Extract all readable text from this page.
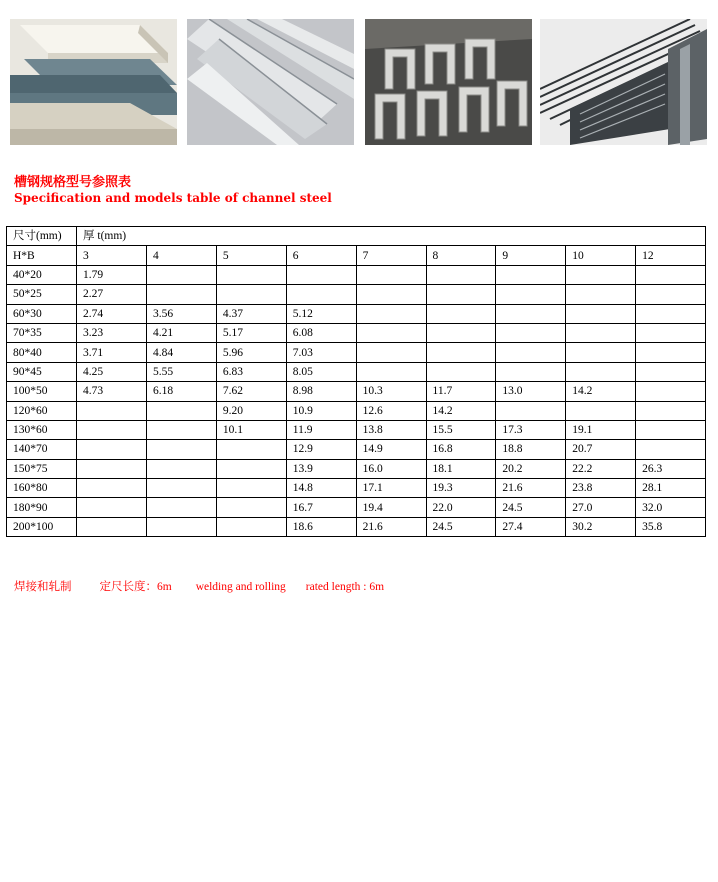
槽钢规格型号参照表
Specification and models table of channel steel
尺寸(mm)	厚 t(mm)								
H*B	3	4	5	6	7	8	9	10	12
40*20	1.79								
50*25	2.27								
60*30	2.74	3.56	4.37	5.12					
70*35	3.23	4.21	5.17	6.08					
80*40	3.71	4.84	5.96	7.03					
90*45	4.25	5.55	6.83	8.05					
100*50	4.73	6.18	7.62	8.98	10.3	11.7	13.0	14.2	
120*60			9.20	10.9	12.6	14.2			
130*60			10.1	11.9	13.8	15.5	17.3	19.1	
140*70				12.9	14.9	16.8	18.8	20.7	
150*75				13.9	16.0	18.1	20.2	22.2	26.3
160*80				14.8	17.1	19.3	21.6	23.8	28.1
180*90				16.7	19.4	22.0	24.5	27.0	32.0
200*100				18.6	21.6	24.5	27.4	30.2	35.8
焊接和轧制 定尺长度：6m welding and rolling rated length : 6m
